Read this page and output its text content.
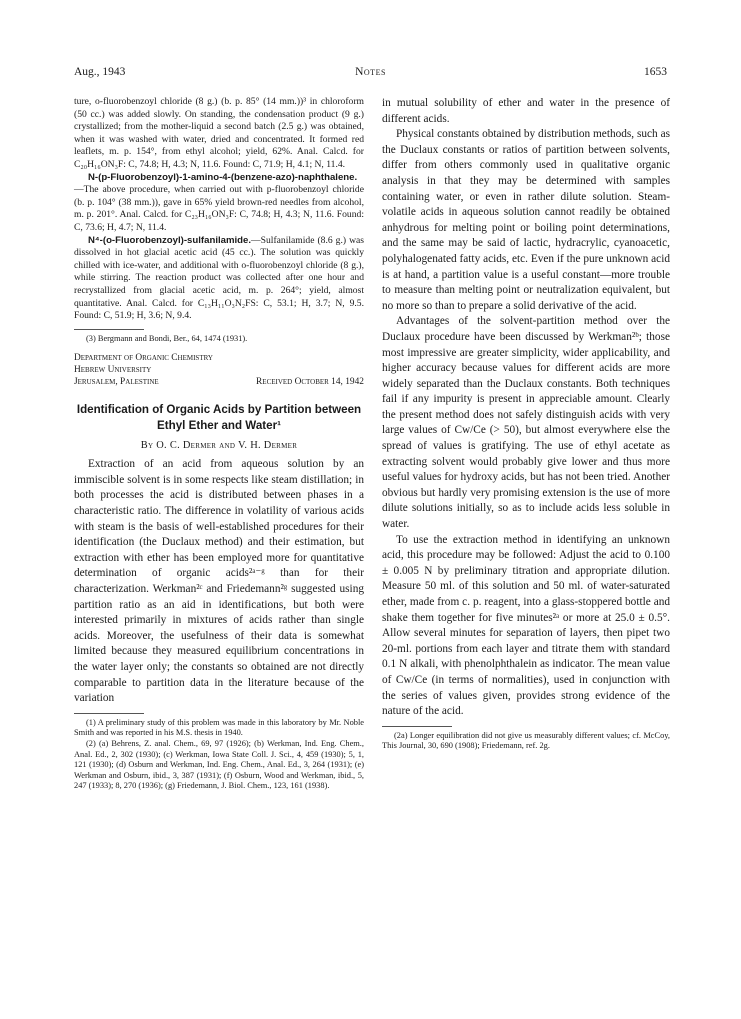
Aug., 1943	Notes	1653

ture, o-fluorobenzoyl chloride (8 g.) (b. p. 85° (14 mm.))³ in chloroform (50 cc.) was added slowly. On standing, the condensation product (9 g.) crystallized; from the mother-liquid a second batch (2.5 g.) was obtained, when it was washed with water, dried and concentrated. It formed red leaflets, m. p. 154°, from ethyl alcohol; yield, 62%. Anal. Calcd. for C₂₀H₁₆ON₃F: C, 74.8; H, 4.3; N, 11.6. Found: C, 71.9; H, 4.1; N, 11.4.

N-(p-Fluorobenzoyl)-1-amino-4-(benzene-azo)-naphthalene.—The above procedure, when carried out with p-fluorobenzoyl chloride (b. p. 104° (38 mm.)), gave in 65% yield brown-red needles from alcohol, m. p. 201°. Anal. Calcd. for C₂₃H₁₆ON₃F: C, 74.8; H, 4.3; N, 11.6. Found: C, 73.6; H, 4.7; N, 11.4.

N⁴-(o-Fluorobenzoyl)-sulfanilamide.—Sulfanilamide (8.6 g.) was dissolved in hot glacial acetic acid (45 cc.). The solution was quickly chilled with ice-water, and additional with o-fluorobenzoyl chloride (8 g.), while stirring. The reaction product was collected after one hour and recrystallized from glacial acetic acid, m. p. 264°; yield, almost quantitative. Anal. Calcd. for C₁₃H₁₁O₃N₂FS: C, 53.1; H, 3.7; N, 9.5. Found: C, 51.9; H, 3.6; N, 9.4.

(3) Bergmann and Bondi, Ber., 64, 1474 (1931).

Department of Organic Chemistry
Hebrew University
Jerusalem, Palestine	Received October 14, 1942
Identification of Organic Acids by Partition between Ethyl Ether and Water¹
By O. C. Dermer and V. H. Dermer

Extraction of an acid from aqueous solution by an immiscible solvent is in some respects like steam distillation; in both processes the acid is distributed between phases in a characteristic ratio. The difference in volatility of various acids with steam is the basis of well-established procedures for their identification (the Duclaux method) and their estimation, but extraction with ether has been employed more for quantitative determination of organic acids²ᵃ⁻ᵍ than for their characterization. Werkman²ᶜ and Friedemann²ᵍ suggested using partition ratio as an aid in identifications, but both were interested primarily in mixtures of acids rather than single acids. Moreover, the usefulness of their data is somewhat limited because they measured equilibrium concentrations in the water layer only; the constants so obtained are not directly comparable to partition data in the literature because of the variation

(1) A preliminary study of this problem was made in this laboratory by Mr. Noble Smith and was reported in his M.S. thesis in 1940.

(2) (a) Behrens, Z. anal. Chem., 69, 97 (1926); (b) Werkman, Ind. Eng. Chem., Anal. Ed., 2, 302 (1930); (c) Werkman, Iowa State Coll. J. Sci., 4, 459 (1930); 5, 1, 121 (1930); (d) Osburn and Werkman, Ind. Eng. Chem., Anal. Ed., 3, 264 (1931); (e) Werkman and Osburn, ibid., 3, 387 (1931); (f) Osburn, Wood and Werkman, ibid., 5, 247 (1933); 8, 270 (1936); (g) Friedemann, J. Biol. Chem., 123, 161 (1938).

in mutual solubility of ether and water in the presence of different acids.

Physical constants obtained by distribution methods, such as the Duclaux constants or ratios of partition between solvents, differ from others commonly used in qualitative organic analysis in that they may be determined with samples containing water, or even in rather dilute solution. Steam-volatile acids in aqueous solution cannot readily be obtained anhydrous for melting point or boiling point determinations, and the same may be said of lactic, hydracrylic, cyanoacetic, polyhalogenated fatty acids, etc. Even if the pure unknown acid is at hand, a partition value is a useful constant—more trouble to measure than melting point or neutralization equivalent, but no more so than to prepare a solid derivative of the acid.

Advantages of the solvent-partition method over the Duclaux procedure have been discussed by Werkman²ᵇ; those most impressive are greater simplicity, wider applicability, and higher accuracy because values for different acids are more widely separated than the Duclaux constants. Both techniques fail if any impurity is present in appreciable amount. Clearly the present method does not safely distinguish acids with very large values of Cw/Ce (> 50), but almost everywhere else the spread of values is gratifying. The use of ethyl acetate as extracting solvent would probably give lower and thus more useful values for hydroxy acids, but has not been tried. Another obvious but hardly very promising extension is the use of more dilute solutions initially, so as to include acids less soluble in water.

To use the extraction method in identifying an unknown acid, this procedure may be followed: Adjust the acid to 0.100 ± 0.005 N by preliminary titration and appropriate dilution. Measure 50 ml. of this solution and 50 ml. of water-saturated ether, made from c. p. reagent, into a glass-stoppered bottle and shake them together for five minutes²ᵃ or more at 25.0 ± 0.5°. Allow several minutes for separation of layers, then pipet two 20-ml. portions from each layer and titrate them with standard 0.1 N alkali, with phenolphthalein as indicator. The mean value of Cw/Ce (in terms of normalities), used in conjunction with the series of values given, provides strong evidence of the nature of the acid.

(2a) Longer equilibration did not give us measurably different values; cf. McCoy, This Journal, 30, 690 (1908); Friedemann, ref. 2g.
